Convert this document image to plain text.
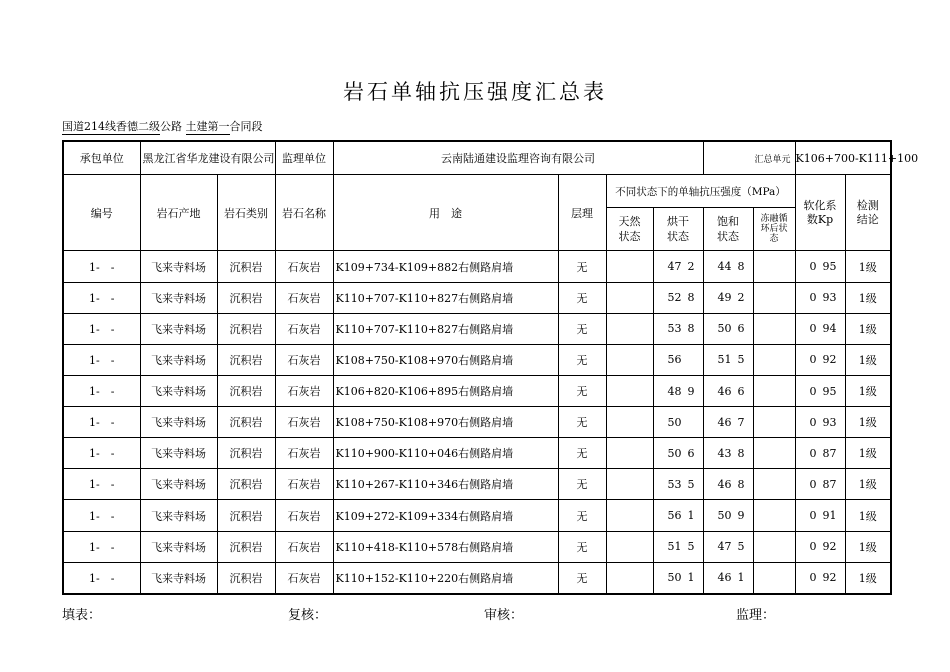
岩石单轴抗压强度汇总表
国道214线香德二级公路 土建第一合同段
承包单位	黑龙江省华龙建设有限公司		监理单位	云南陆通建设监理咨询有限公司				汇总单元		K106+700-K111+100	
编号	岩石产地	岩石类别	岩石名称	用　途	层理	不同状态下的单轴抗压强度（MPa）				软化系数Kp	检测结论
						天然状态	烘干状态	饱和状态	冻融循环后状态		
1-　-	飞来寺料场	沉积岩	石灰岩	K109+734-K109+882右侧路肩墙	无		47 2	44 8		0 95	1级
1-　-	飞来寺料场	沉积岩	石灰岩	K110+707-K110+827右侧路肩墙	无		52 8	49 2		0 93	1级
1-　-	飞来寺料场	沉积岩	石灰岩	K110+707-K110+827右侧路肩墙	无		53 8	50 6		0 94	1级
1-　-	飞来寺料场	沉积岩	石灰岩	K108+750-K108+970右侧路肩墙	无		56	51 5		0 92	1级
1-　-	飞来寺料场	沉积岩	石灰岩	K106+820-K106+895右侧路肩墙	无		48 9	46 6		0 95	1级
1-　-	飞来寺料场	沉积岩	石灰岩	K108+750-K108+970右侧路肩墙	无		50	46 7		0 93	1级
1-　-	飞来寺料场	沉积岩	石灰岩	K110+900-K110+046右侧路肩墙	无		50 6	43 8		0 87	1级
1-　-	飞来寺料场	沉积岩	石灰岩	K110+267-K110+346右侧路肩墙	无		53 5	46 8		0 87	1级
1-　-	飞来寺料场	沉积岩	石灰岩	K109+272-K109+334右侧路肩墙	无		56 1	50 9		0 91	1级
1-　-	飞来寺料场	沉积岩	石灰岩	K110+418-K110+578右侧路肩墙	无		51 5	47 5		0 92	1级
1-　-	飞来寺料场	沉积岩	石灰岩	K110+152-K110+220右侧路肩墙	无		50 1	46 1		0 92	1级
填表：	复核：	审核：	监理：
